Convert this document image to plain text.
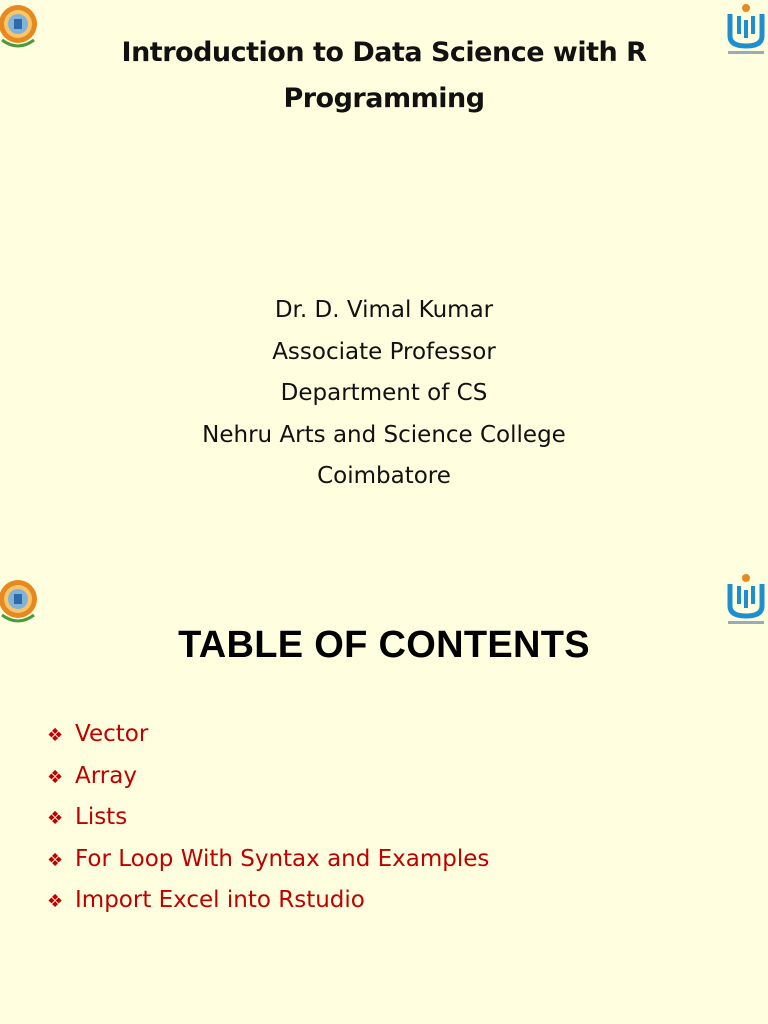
Introduction to Data Science with R Programming
Dr. D. Vimal Kumar
Associate Professor
Department of CS
Nehru Arts and Science College
Coimbatore
TABLE OF CONTENTS
❖ Vector
❖ Array
❖ Lists
❖ For Loop With Syntax and Examples
❖ Import Excel into Rstudio
